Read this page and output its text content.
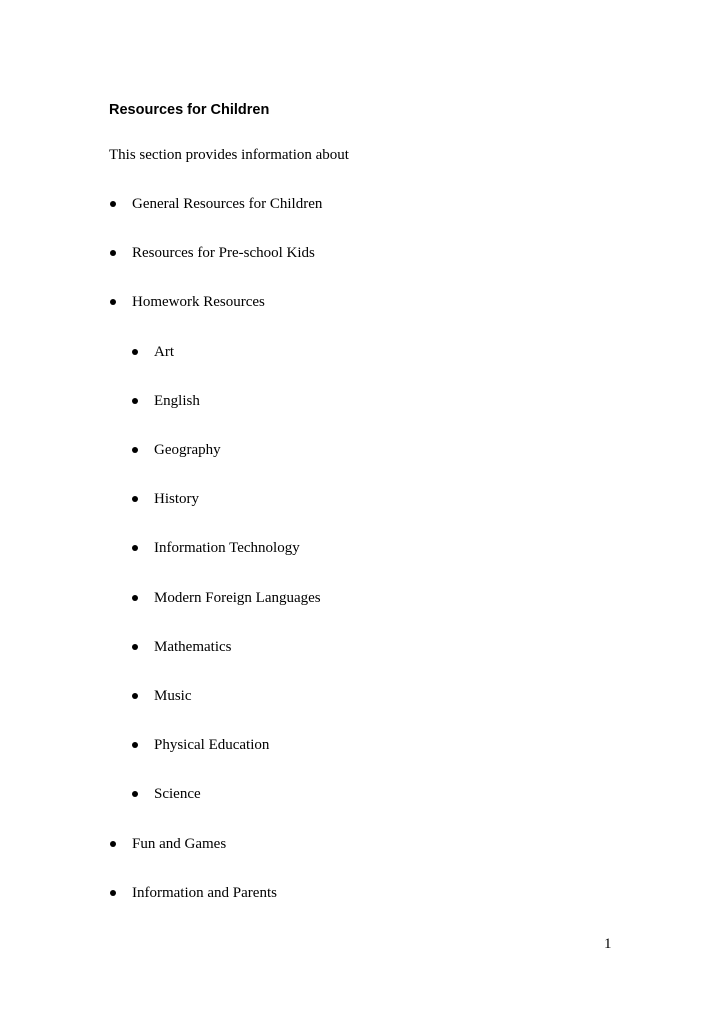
Resources for Children

This section provides information about

General Resources for Children
Resources for Pre-school Kids
Homework Resources
Art
English
Geography
History
Information Technology
Modern Foreign Languages
Mathematics
Music
Physical Education
Science
Fun and Games
Information and Parents
1
